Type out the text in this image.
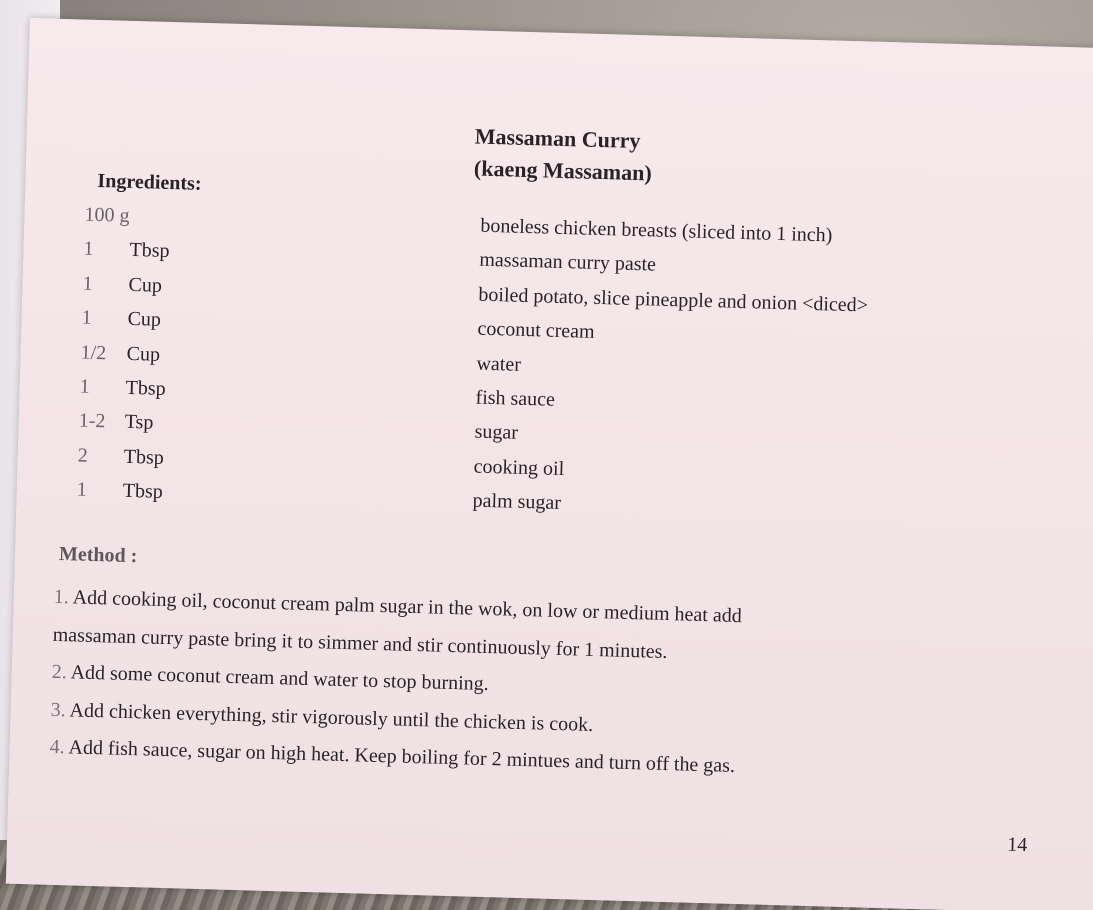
Massaman Curry
(kaeng Massaman)
Ingredients:
100 g	boneless chicken breasts (sliced into 1 inch)
1	Tbsp	massaman curry paste
1	Cup	boiled potato, slice pineapple and onion <diced>
1	Cup	coconut cream
1/2 Cup	water
1	Tbsp	fish sauce
1-2 Tsp	sugar
2	Tbsp	cooking oil
1	Tbsp	palm sugar
Method :
1. Add cooking oil, coconut cream palm sugar in the wok, on low or medium heat add
massaman curry paste bring it to simmer and stir continuously for 1 minutes.
2. Add some coconut cream and water to stop burning.
3. Add chicken everything, stir vigorously until the chicken is cook.
4. Add fish sauce, sugar on high heat. Keep boiling for 2 mintues and turn off the gas.
14
